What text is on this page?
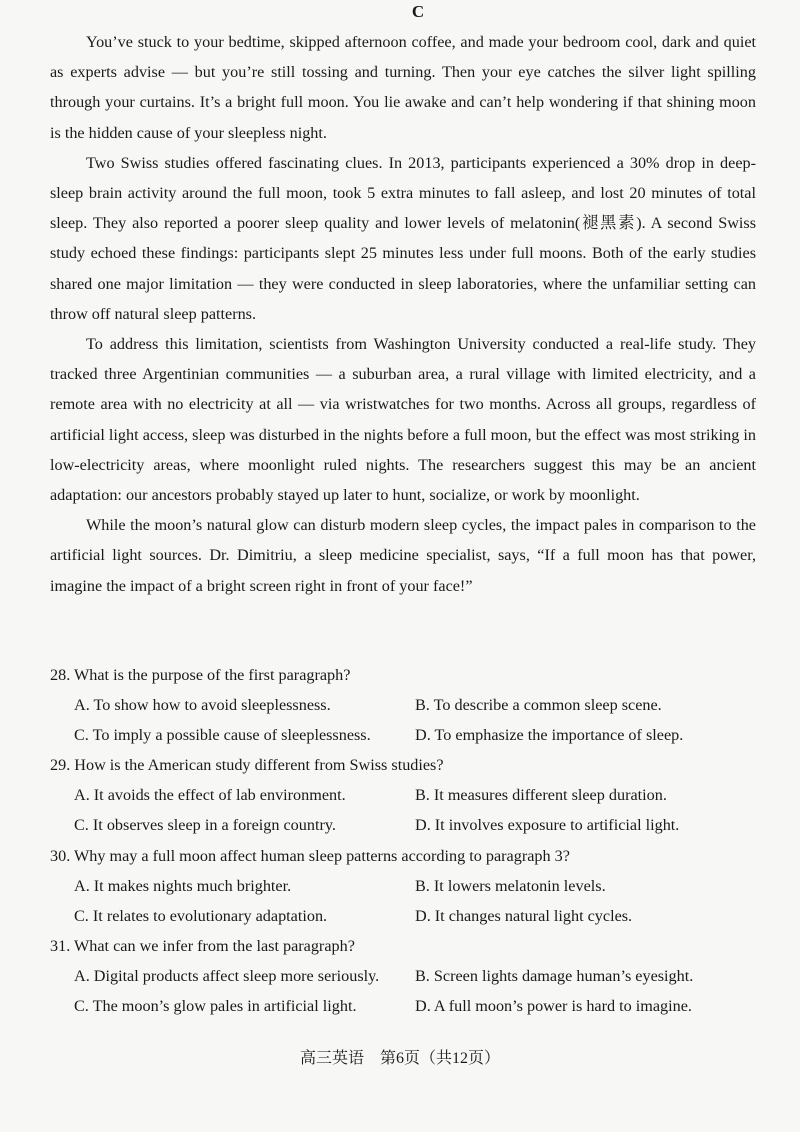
C

You’ve stuck to your bedtime, skipped afternoon coffee, and made your bedroom cool, dark and quiet as experts advise — but you’re still tossing and turning. Then your eye catches the silver light spilling through your curtains. It’s a bright full moon. You lie awake and can’t help wondering if that shining moon is the hidden cause of your sleepless night.

Two Swiss studies offered fascinating clues. In 2013, participants experienced a 30% drop in deep-sleep brain activity around the full moon, took 5 extra minutes to fall asleep, and lost 20 minutes of total sleep. They also reported a poorer sleep quality and lower levels of melatonin(褪黑素). A second Swiss study echoed these findings: participants slept 25 minutes less under full moons. Both of the early studies shared one major limitation — they were conducted in sleep laboratories, where the unfamiliar setting can throw off natural sleep patterns.

To address this limitation, scientists from Washington University conducted a real-life study. They tracked three Argentinian communities — a suburban area, a rural village with limited electricity, and a remote area with no electricity at all — via wristwatches for two months. Across all groups, regardless of artificial light access, sleep was disturbed in the nights before a full moon, but the effect was most striking in low-electricity areas, where moonlight ruled nights. The researchers suggest this may be an ancient adaptation: our ancestors probably stayed up later to hunt, socialize, or work by moonlight.

While the moon’s natural glow can disturb modern sleep cycles, the impact pales in comparison to the artificial light sources. Dr. Dimitriu, a sleep medicine specialist, says, “If a full moon has that power, imagine the impact of a bright screen right in front of your face!”

28. What is the purpose of the first paragraph?
A. To show how to avoid sleeplessness.	B. To describe a common sleep scene.
C. To imply a possible cause of sleeplessness.	D. To emphasize the importance of sleep.
29. How is the American study different from Swiss studies?
A. It avoids the effect of lab environment.	B. It measures different sleep duration.
C. It observes sleep in a foreign country.	D. It involves exposure to artificial light.
30. Why may a full moon affect human sleep patterns according to paragraph 3?
A. It makes nights much brighter.	B. It lowers melatonin levels.
C. It relates to evolutionary adaptation.	D. It changes natural light cycles.
31. What can we infer from the last paragraph?
A. Digital products affect sleep more seriously.	B. Screen lights damage human’s eyesight.
C. The moon’s glow pales in artificial light.	D. A full moon’s power is hard to imagine.
高三英语　第6页（共12页）
